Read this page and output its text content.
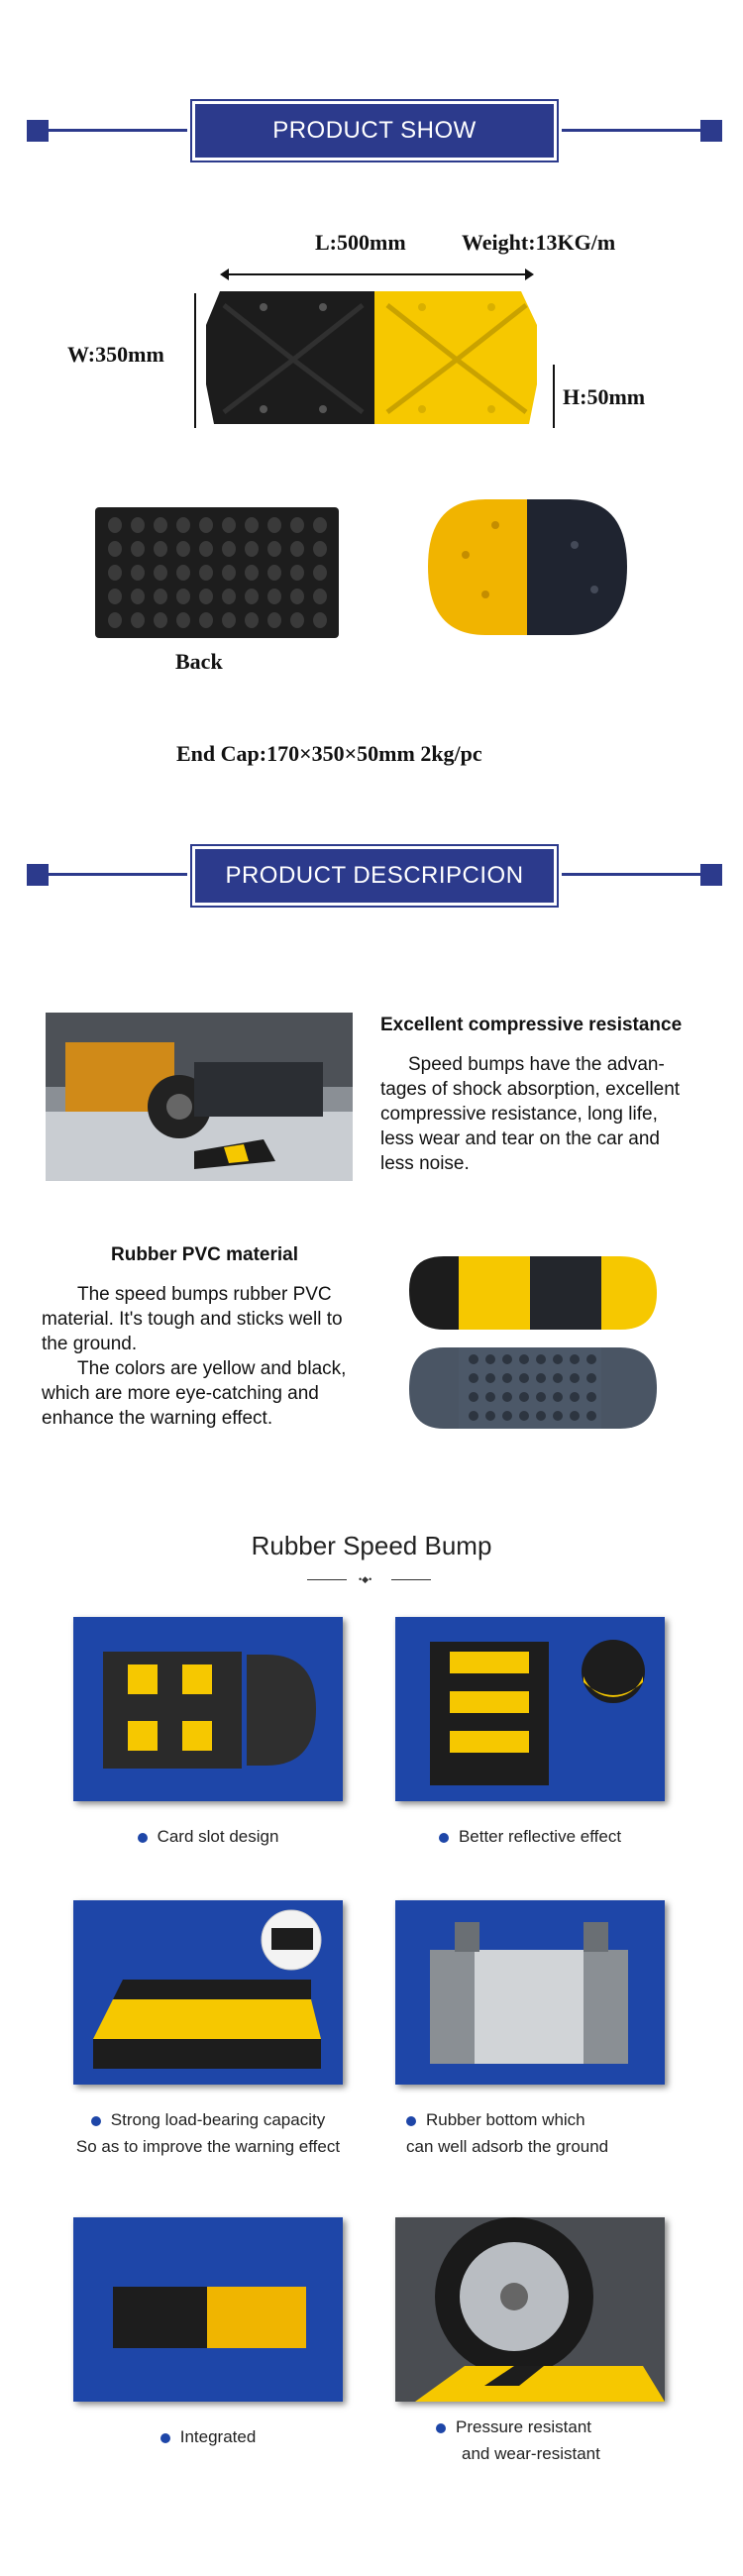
PRODUCT SHOW
L:500mm	Weight:13KG/m
W:350mm
H:50mm
Back
End Cap:170×350×50mm 2kg/pc
PRODUCT DESCRIPCION
Excellent compressive resistance
Speed bumps have the advan-
tages of shock absorption, excellent
compressive resistance, long life,
less wear and tear on the car and
less noise.
Rubber PVC material
The speed bumps rubber PVC
material. It's tough and sticks well to
the ground.
The colors are yellow and black,
which are more eye-catching and
enhance the warning effect.
Rubber Speed Bump
•◆•
Card slot design	Better reflective effect
Strong load-bearing capacity
So as to improve the warning effect
Rubber bottom which
can well adsorb the ground
Integrated
Pressure resistant
and wear-resistant
